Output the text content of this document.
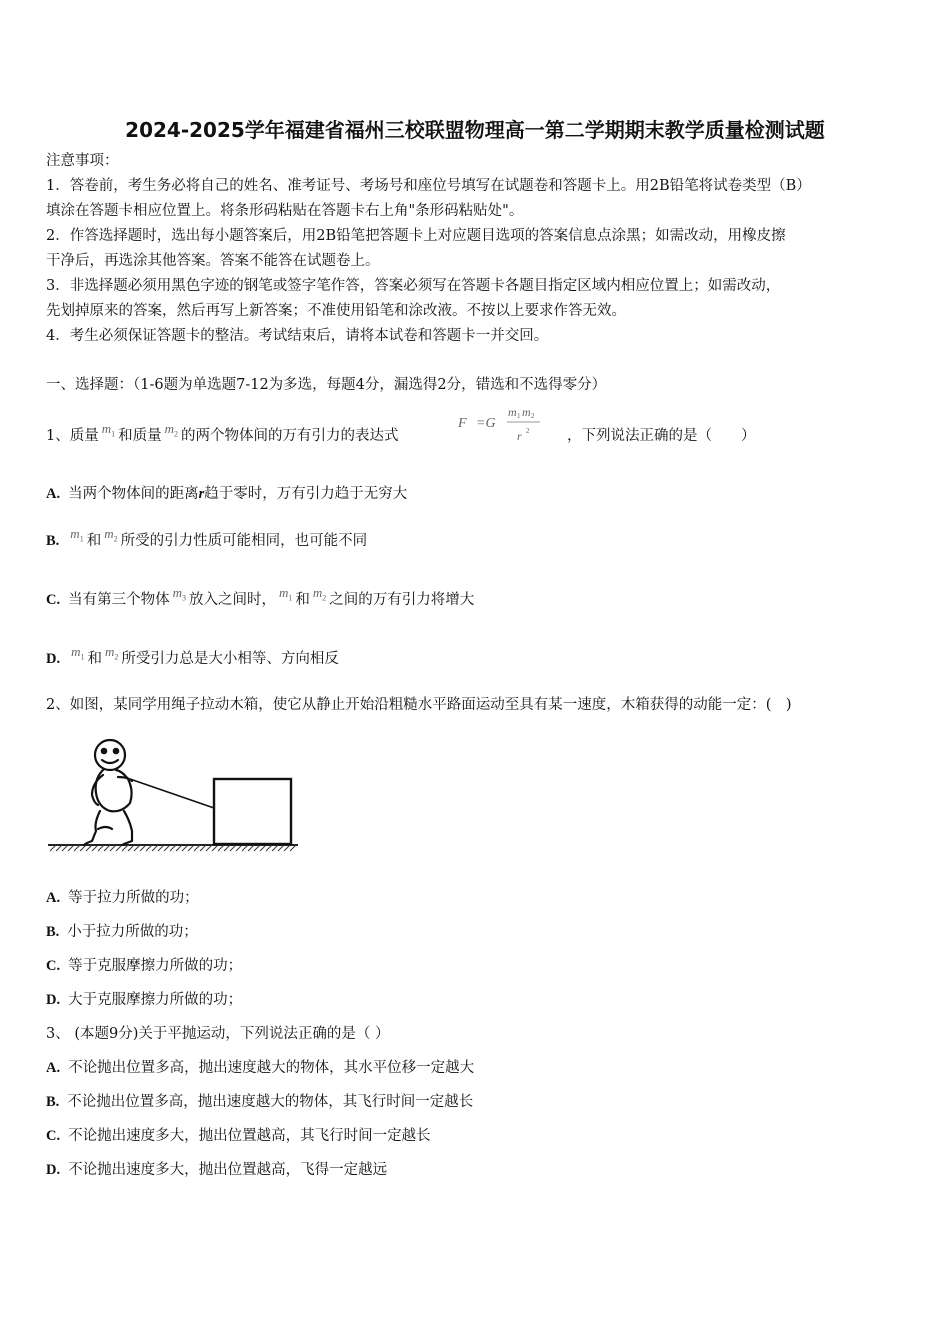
2024-2025学年福建省福州三校联盟物理高一第二学期期末教学质量检测试题
注意事项：
1．答卷前，考生务必将自己的姓名、准考证号、考场号和座位号填写在试题卷和答题卡上。用2B铅笔将试卷类型（B）
填涂在答题卡相应位置上。将条形码粘贴在答题卡右上角"条形码粘贴处"。
2．作答选择题时，选出每小题答案后，用2B铅笔把答题卡上对应题目选项的答案信息点涂黑；如需改动，用橡皮擦
干净后，再选涂其他答案。答案不能答在试题卷上。
3．非选择题必须用黑色字迹的钢笔或签字笔作答，答案必须写在答题卡各题目指定区域内相应位置上；如需改动，
先划掉原来的答案，然后再写上新答案；不准使用铅笔和涂改液。不按以上要求作答无效。
4．考生必须保证答题卡的整洁。考试结束后，请将本试卷和答题卡一并交回。
一、选择题：（1-6题为单选题7-12为多选，每题4分，漏选得2分，错选和不选得零分）
1、质量 $m_1$ 和质量 $m_2$ 的两个物体间的万有引力的表达式
F =G
m 1 m 2
r 2	，下列说法正确的是（　　）
A. 当两个物体间的距离r趋于零时，万有引力趋于无穷大
B. $m_1$ 和 $m_2$ 所受的引力性质可能相同，也可能不同
C. 当有第三个物体 $m_3$ 放入之间时， $m_1$ 和 $m_2$ 之间的万有引力将增大
D. $m_1$ 和 $m_2$ 所受引力总是大小相等、方向相反
2、如图，某同学用绳子拉动木箱，使它从静止开始沿粗糙水平路面运动至具有某一速度，木箱获得的动能一定：(　)
A. 等于拉力所做的功；
B. 小于拉力所做的功；
C. 等于克服摩擦力所做的功；
D. 大于克服摩擦力所做的功；
3、 (本题9分)关于平抛运动，下列说法正确的是（ ）
A. 不论抛出位置多高，抛出速度越大的物体，其水平位移一定越大
B. 不论抛出位置多高，抛出速度越大的物体，其飞行时间一定越长
C. 不论抛出速度多大，抛出位置越高，其飞行时间一定越长
D. 不论抛出速度多大，抛出位置越高，飞得一定越远
